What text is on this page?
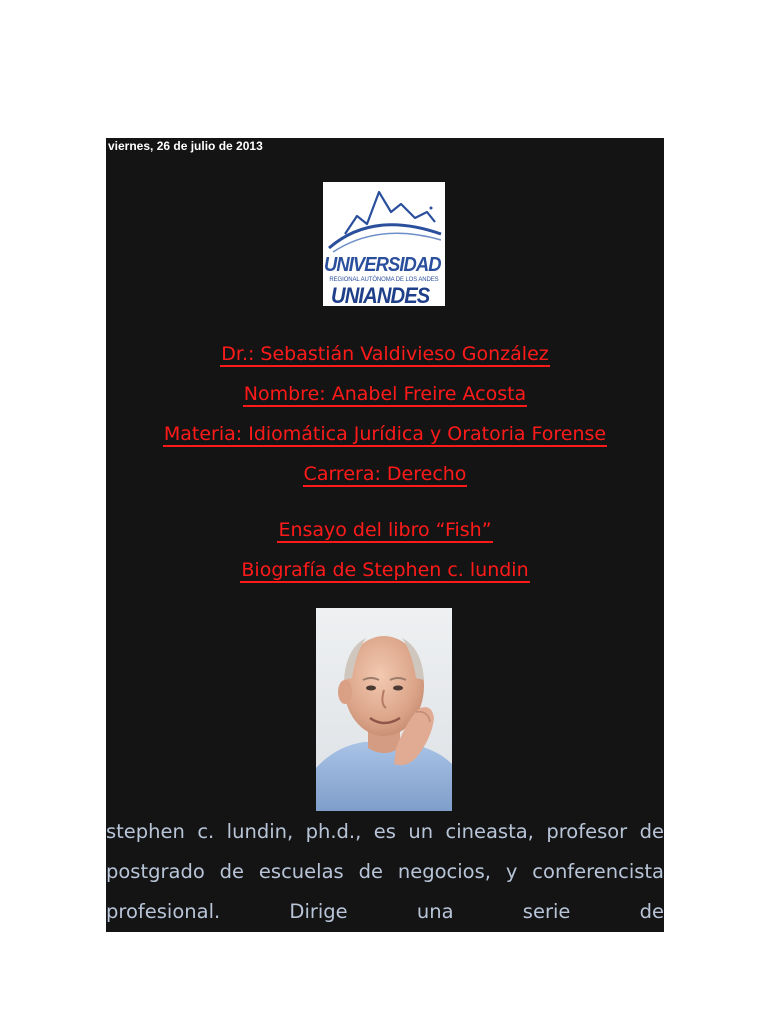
viernes, 26 de julio de 2013
UNIVERSIDAD
REGIONAL AUTÓNOMA DE LOS ANDES
UNIANDES
Dr.: Sebastián Valdivieso González
Nombre: Anabel Freire Acosta
Materia: Idiomática Jurídica y Oratoria Forense
Carrera: Derecho
Ensayo del libro “Fish”
Biografía de Stephen c. lundin
stephen c. lundin, ph.d., es un cineasta, profesor de
postgrado de escuelas de negocios, y conferencista
profesional. Dirige una serie de
